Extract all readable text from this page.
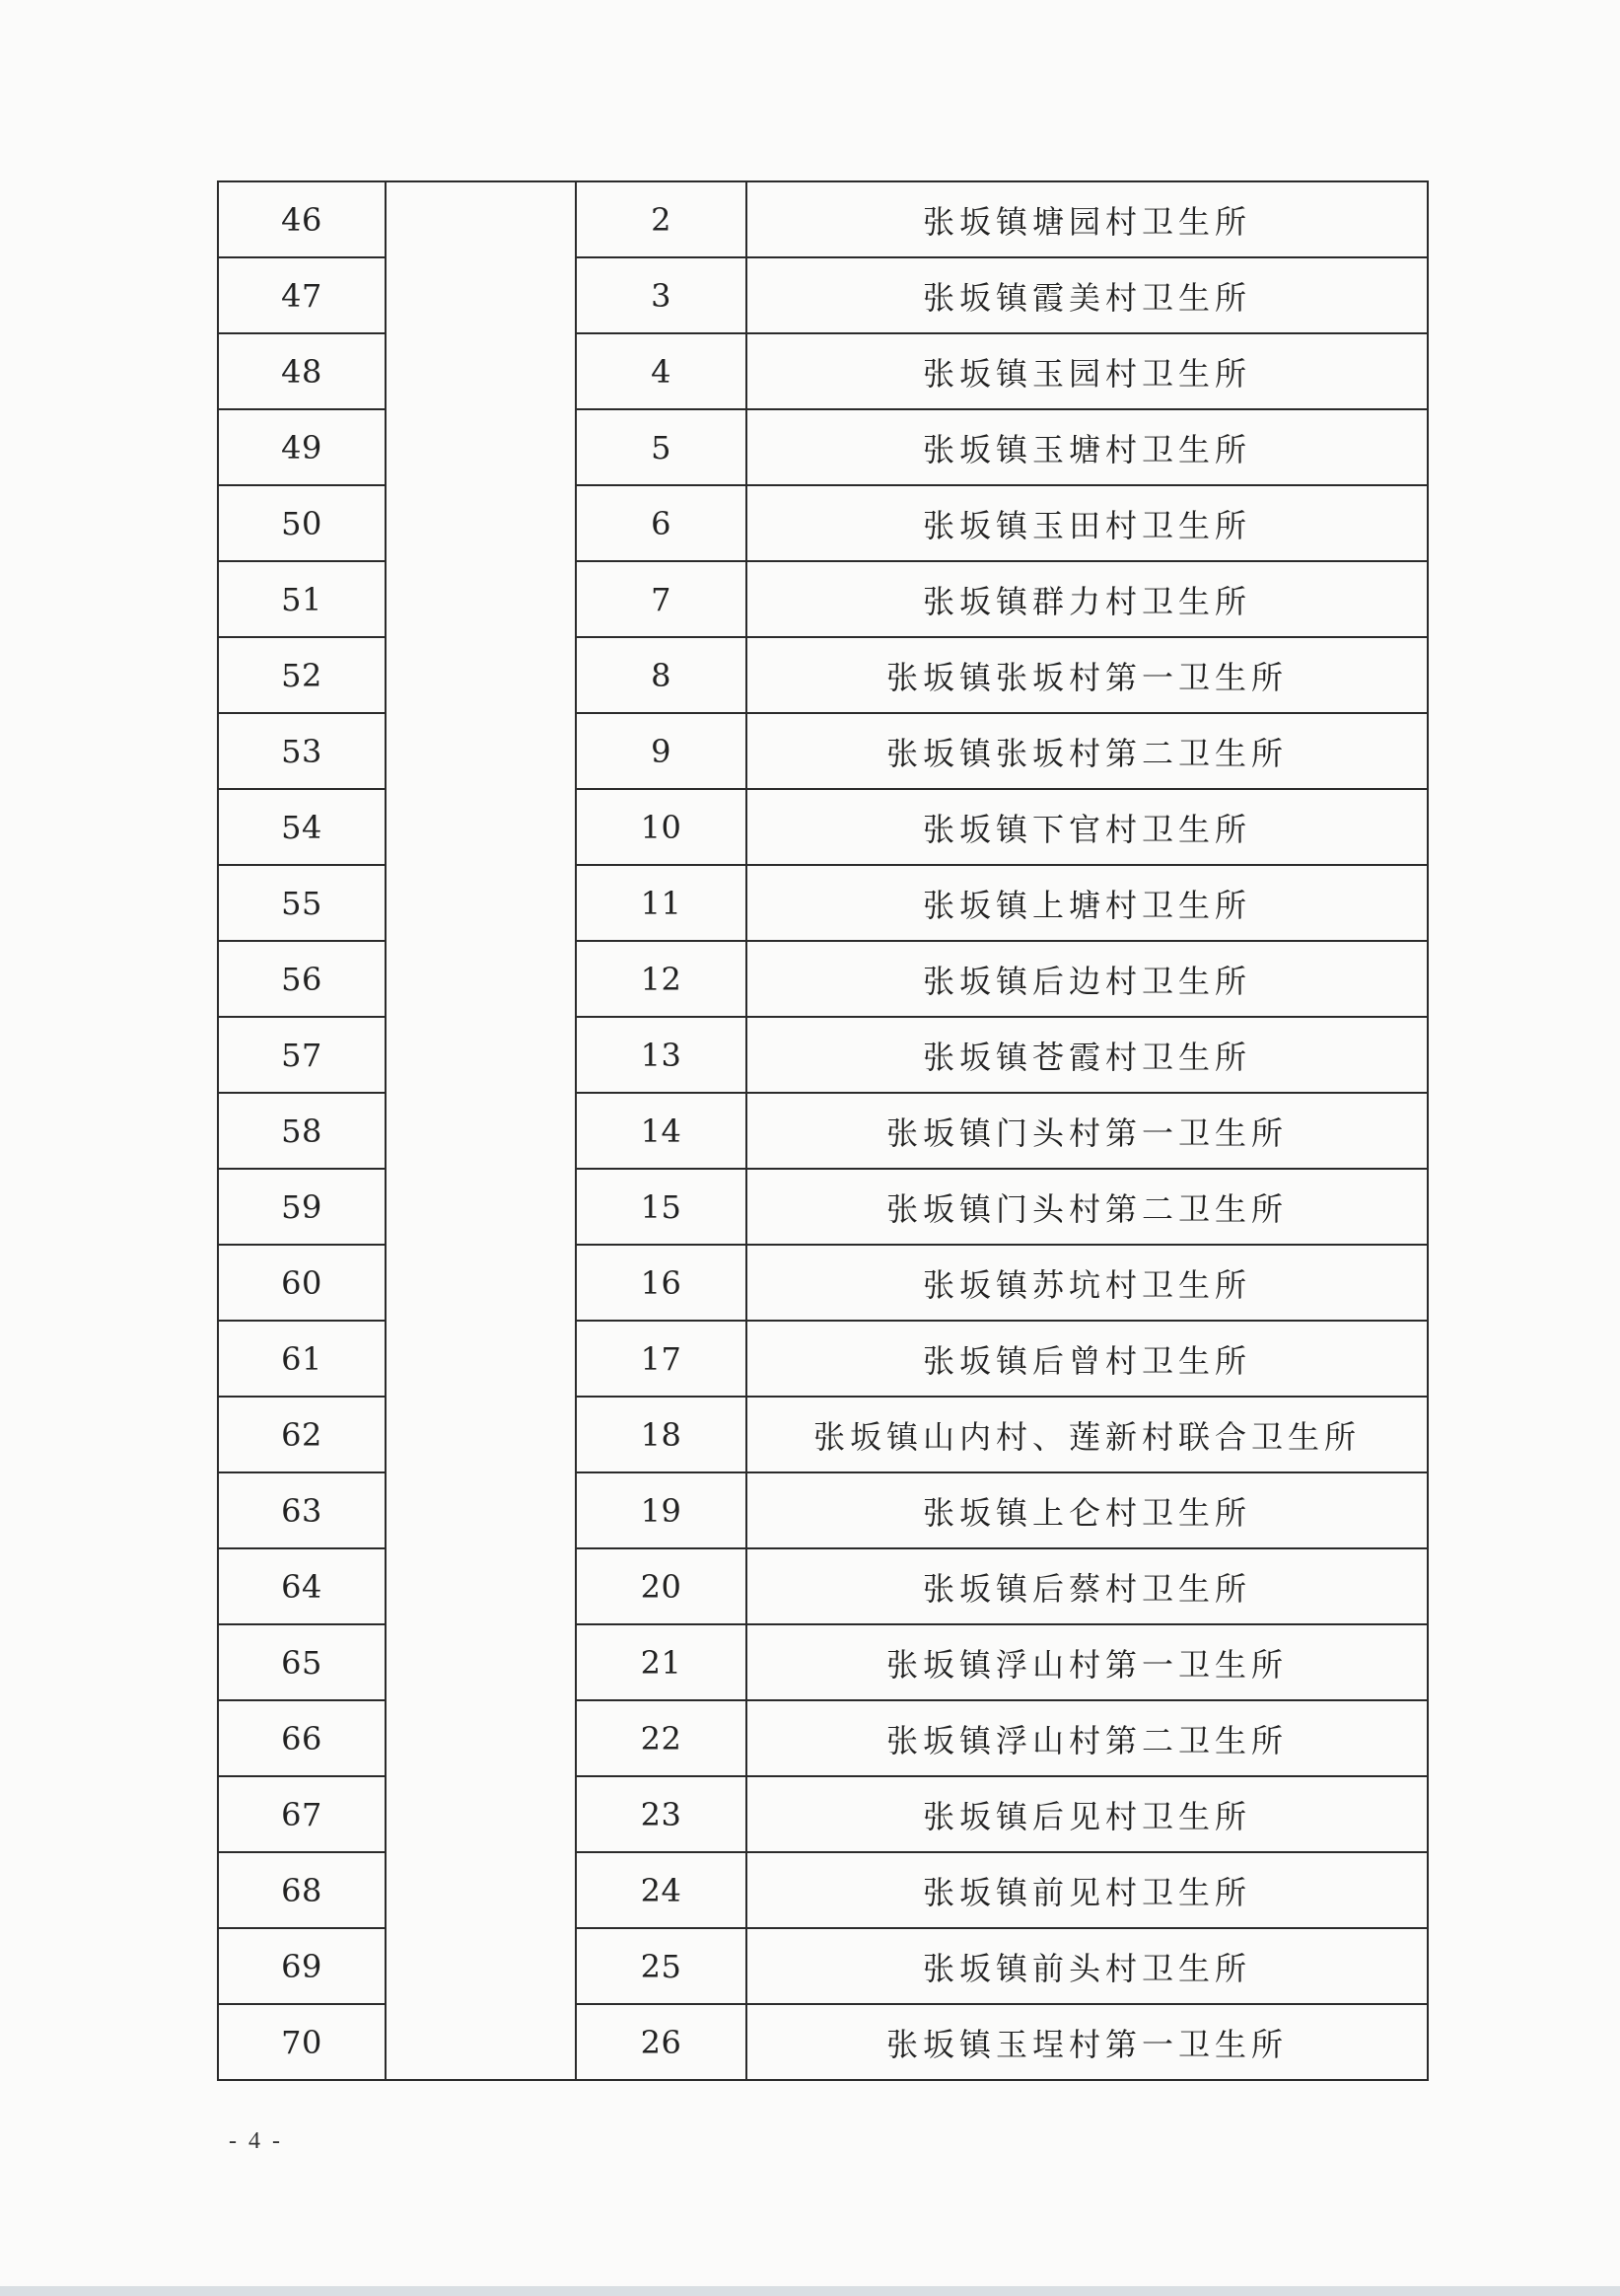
46		2	张坂镇塘园村卫生所
47		3	张坂镇霞美村卫生所
48		4	张坂镇玉园村卫生所
49		5	张坂镇玉塘村卫生所
50		6	张坂镇玉田村卫生所
51		7	张坂镇群力村卫生所
52		8	张坂镇张坂村第一卫生所
53		9	张坂镇张坂村第二卫生所
54		10	张坂镇下官村卫生所
55		11	张坂镇上塘村卫生所
56		12	张坂镇后边村卫生所
57		13	张坂镇苍霞村卫生所
58		14	张坂镇门头村第一卫生所
59		15	张坂镇门头村第二卫生所
60		16	张坂镇苏坑村卫生所
61		17	张坂镇后曾村卫生所
62		18	张坂镇山内村、莲新村联合卫生所
63		19	张坂镇上仑村卫生所
64		20	张坂镇后蔡村卫生所
65		21	张坂镇浮山村第一卫生所
66		22	张坂镇浮山村第二卫生所
67		23	张坂镇后见村卫生所
68		24	张坂镇前见村卫生所
69		25	张坂镇前头村卫生所
70		26	张坂镇玉埕村第一卫生所
- 4 -
